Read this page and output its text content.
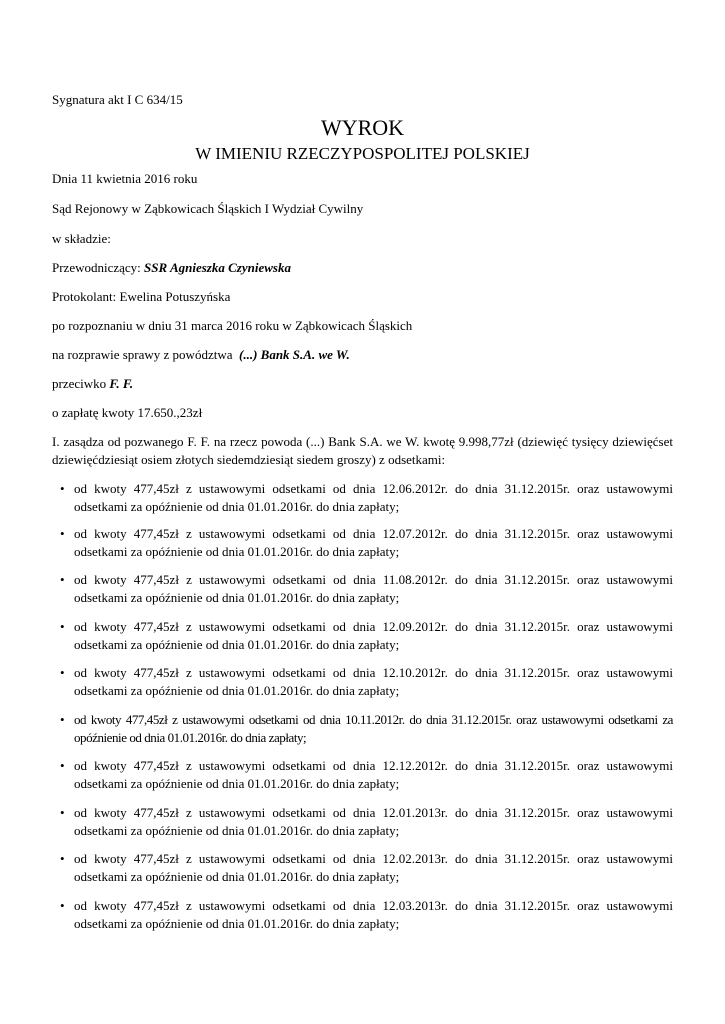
Sygnatura akt I C 634/15
WYROK
W IMIENIU RZECZYPOSPOLITEJ POLSKIEJ
Dnia 11 kwietnia 2016 roku
Sąd Rejonowy w Ząbkowicach Śląskich I Wydział Cywilny
w składzie:
Przewodniczący: SSR Agnieszka Czyniewska
Protokolant: Ewelina Potuszyńska
po rozpoznaniu w dniu 31 marca 2016 roku w Ząbkowicach Śląskich
na rozprawie sprawy z powództwa  (...) Bank S.A. we W.
przeciwko F. F.
o zapłatę kwoty 17.650.,23zł
I. zasądza od pozwanego F. F. na rzecz powoda (...) Bank S.A. we W. kwotę 9.998,77zł (dziewięć tysięcy dziewięćset dziewięćdziesiąt osiem złotych siedemdziesiąt siedem groszy) z odsetkami:
• od kwoty 477,45zł z ustawowymi odsetkami od dnia 12.06.2012r. do dnia 31.12.2015r. oraz ustawowymi odsetkami za opóźnienie od dnia 01.01.2016r. do dnia zapłaty;
• od kwoty 477,45zł z ustawowymi odsetkami od dnia 12.07.2012r. do dnia 31.12.2015r. oraz ustawowymi odsetkami za opóźnienie od dnia 01.01.2016r. do dnia zapłaty;
• od kwoty 477,45zł z ustawowymi odsetkami od dnia 11.08.2012r. do dnia 31.12.2015r. oraz ustawowymi odsetkami za opóźnienie od dnia 01.01.2016r. do dnia zapłaty;
• od kwoty 477,45zł z ustawowymi odsetkami od dnia 12.09.2012r. do dnia 31.12.2015r. oraz ustawowymi odsetkami za opóźnienie od dnia 01.01.2016r. do dnia zapłaty;
• od kwoty 477,45zł z ustawowymi odsetkami od dnia 12.10.2012r. do dnia 31.12.2015r. oraz ustawowymi odsetkami za opóźnienie od dnia 01.01.2016r. do dnia zapłaty;
• od kwoty 477,45zł z ustawowymi odsetkami od dnia 10.11.2012r. do dnia 31.12.2015r. oraz ustawowymi odsetkami za opóźnienie od dnia 01.01.2016r. do dnia zapłaty;
• od kwoty 477,45zł z ustawowymi odsetkami od dnia 12.12.2012r. do dnia 31.12.2015r. oraz ustawowymi odsetkami za opóźnienie od dnia 01.01.2016r. do dnia zapłaty;
• od kwoty 477,45zł z ustawowymi odsetkami od dnia 12.01.2013r. do dnia 31.12.2015r. oraz ustawowymi odsetkami za opóźnienie od dnia 01.01.2016r. do dnia zapłaty;
• od kwoty 477,45zł z ustawowymi odsetkami od dnia 12.02.2013r. do dnia 31.12.2015r. oraz ustawowymi odsetkami za opóźnienie od dnia 01.01.2016r. do dnia zapłaty;
• od kwoty 477,45zł z ustawowymi odsetkami od dnia 12.03.2013r. do dnia 31.12.2015r. oraz ustawowymi odsetkami za opóźnienie od dnia 01.01.2016r. do dnia zapłaty;
